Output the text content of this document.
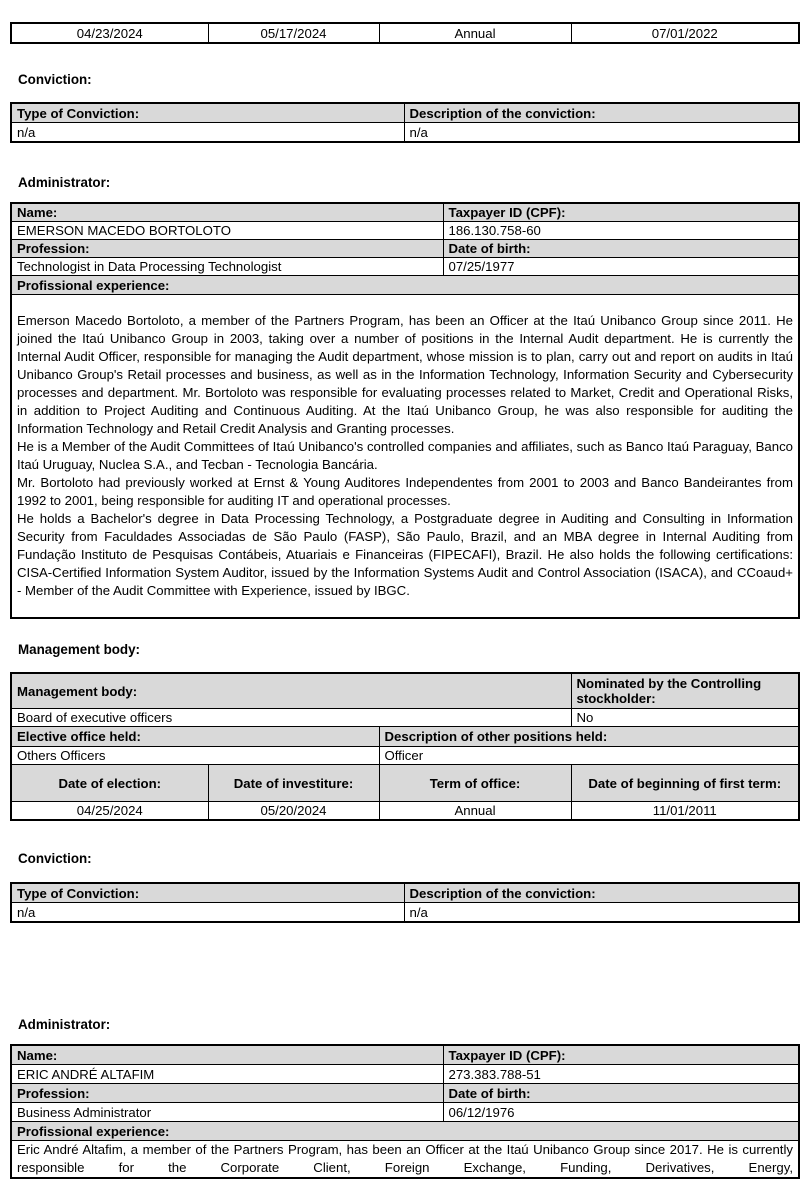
04/23/2024	05/17/2024	Annual	07/01/2022
Conviction:
Type of Conviction:	Description of the conviction:
n/a	n/a
Administrator:
Name:	Taxpayer ID (CPF):
EMERSON MACEDO BORTOLOTO	186.130.758-60
Profession:	Date of birth:
Technologist in Data Processing Technologist	07/25/1977
Profissional experience:	

Emerson Macedo Bortoloto, a member of the Partners Program, has been an Officer at the Itaú Unibanco Group since 2011. He joined the Itaú Unibanco Group in 2003, taking over a number of positions in the Internal Audit department. He is currently the Internal Audit Officer, responsible for managing the Audit department, whose mission is to plan, carry out and report on audits in Itaú Unibanco Group's Retail processes and business, as well as in the Information Technology, Information Security and Cybersecurity processes and department. Mr. Bortoloto was responsible for evaluating processes related to Market, Credit and Operational Risks, in addition to Project Auditing and Continuous Auditing. At the Itaú Unibanco Group, he was also responsible for auditing the Information Technology and Retail Credit Analysis and Granting processes.

He is a Member of the Audit Committees of Itaú Unibanco's controlled companies and affiliates, such as Banco Itaú Paraguay, Banco Itaú Uruguay, Nuclea S.A., and Tecban - Tecnologia Bancária.

Mr. Bortoloto had previously worked at Ernst & Young Auditores Independentes from 2001 to 2003 and Banco Bandeirantes from 1992 to 2001, being responsible for auditing IT and operational processes.

He holds a Bachelor's degree in Data Processing Technology, a Postgraduate degree in Auditing and Consulting in Information Security from Faculdades Associadas de São Paulo (FASP), São Paulo, Brazil, and an MBA degree in Internal Auditing from Fundação Instituto de Pesquisas Contábeis, Atuariais e Financeiras (FIPECAFI), Brazil. He also holds the following certifications: CISA-Certified Information System Auditor, issued by the Information Systems Audit and Control Association (ISACA), and CCoaud+ - Member of the Audit Committee with Experience, issued by IBGC.	

Management body:
Management body:			Nominated by the Controlling stockholder:
Board of executive officers			No
Elective office held:		Description of other positions held:	
Others Officers		Officer	
Date of election:	Date of investiture:	Term of office:	Date of beginning of first term:
04/25/2024	05/20/2024	Annual	11/01/2011
Conviction:
Type of Conviction:	Description of the conviction:
n/a	n/a
Administrator:
Name:	Taxpayer ID (CPF):
ERIC ANDRÉ ALTAFIM	273.383.788-51
Profession:	Date of birth:
Business Administrator	06/12/1976
Profissional experience:	

Eric André Altafim, a member of the Partners Program, has been an Officer at the Itaú Unibanco Group since 2017. He is currently responsible for the Corporate Client, Foreign Exchange, Funding, Derivatives, Energy,	
